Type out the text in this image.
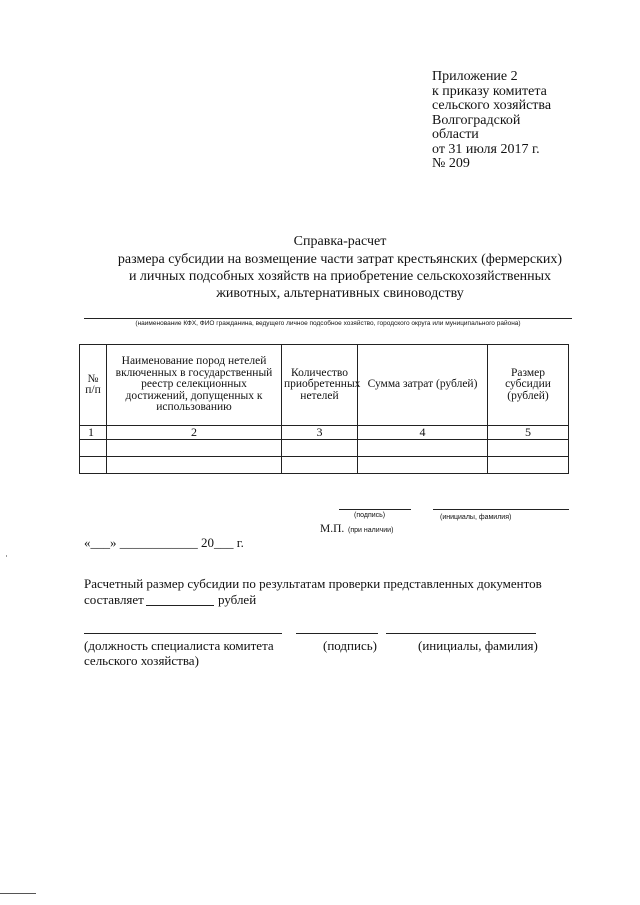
Приложение 2
к приказу комитета
сельского хозяйства
Волгоградской
области
от 31 июля 2017 г.
№ 209
Справка-расчет
размера субсидии на возмещение части затрат крестьянских (фермерских)
и личных подсобных хозяйств на приобретение сельскохозяйственных
животных, альтернативных свиноводству
(наименование КФХ, ФИО гражданина, ведущего личное подсобное хозяйство, городского округа или муниципального района)
№ п/п	Наименование пород нетелей включенных в государственный реестр селекционных достижений, допущенных к использованию	Количество приобретенных нетелей	Сумма затрат (рублей)	Размер субсидии (рублей)
1	2	3	4	5

(подпись)	(инициалы, фамилия)
М.П. (при наличии)
«___» ____________ 20___ г.
Расчетный размер субсидии по результатам проверки представленных документов
составляет	рублей
(должность специалиста комитета сельского хозяйства)
(подпись)	(инициалы, фамилия)
